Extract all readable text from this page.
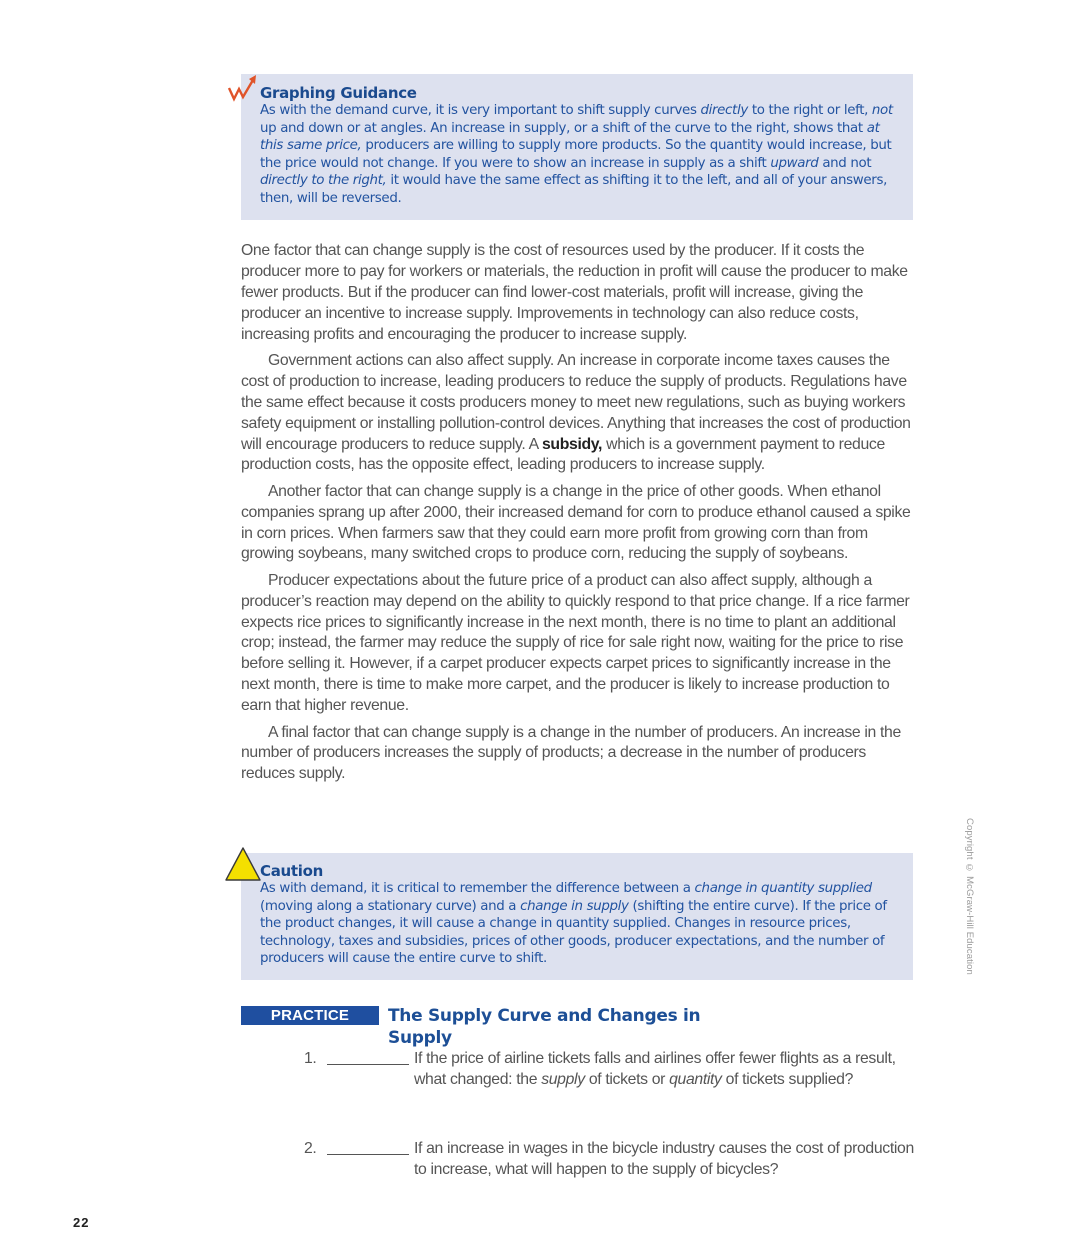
Graphing Guidance
As with the demand curve, it is very important to shift supply curves directly to the right or left, not up and down or at angles. An increase in supply, or a shift of the curve to the right, shows that at this same price, producers are willing to supply more products. So the quantity would increase, but the price would not change. If you were to show an increase in supply as a shift upward and not directly to the right, it would have the same effect as shifting it to the left, and all of your answers, then, will be reversed.

One factor that can change supply is the cost of resources used by the producer. If it costs the producer more to pay for workers or materials, the reduction in profit will cause the producer to make fewer products. But if the producer can find lower-cost materials, profit will increase, giving the producer an incentive to increase supply. Improvements in technology can also reduce costs, increasing profits and encouraging the producer to increase supply.

Government actions can also affect supply. An increase in corporate income taxes causes the cost of production to increase, leading producers to reduce the supply of products. Regulations have the same effect because it costs producers money to meet new regulations, such as buying workers safety equipment or installing pollution-control devices. Anything that increases the cost of production will encourage producers to reduce supply. A subsidy, which is a government payment to reduce production costs, has the opposite effect, leading producers to increase supply.

Another factor that can change supply is a change in the price of other goods. When ethanol companies sprang up after 2000, their increased demand for corn to produce ethanol caused a spike in corn prices. When farmers saw that they could earn more profit from growing corn than from growing soybeans, many switched crops to produce corn, reducing the supply of soybeans.

Producer expectations about the future price of a product can also affect supply, although a producer’s reaction may depend on the ability to quickly respond to that price change. If a rice farmer expects rice prices to significantly increase in the next month, there is no time to plant an additional crop; instead, the farmer may reduce the supply of rice for sale right now, waiting for the price to rise before selling it. However, if a carpet producer expects carpet prices to significantly increase in the next month, there is time to make more carpet, and the producer is likely to increase production to earn that higher revenue.

A final factor that can change supply is a change in the number of producers. An increase in the number of producers increases the supply of products; a decrease in the number of producers reduces supply.

Caution
As with demand, it is critical to remember the difference between a change in quantity supplied (moving along a stationary curve) and a change in supply (shifting the entire curve). If the price of the product changes, it will cause a change in quantity supplied. Changes in resource prices, technology, taxes and subsidies, prices of other goods, producer expectations, and the number of producers will cause the entire curve to shift.
PRACTICE	The Supply Curve and Changes in Supply
1.	If the price of airline tickets falls and airlines offer fewer flights as a result, what changed: the supply of tickets or quantity of tickets supplied?
2.	If an increase in wages in the bicycle industry causes the cost of production to increase, what will happen to the supply of bicycles?
Copyright © McGraw-Hill Education
22
